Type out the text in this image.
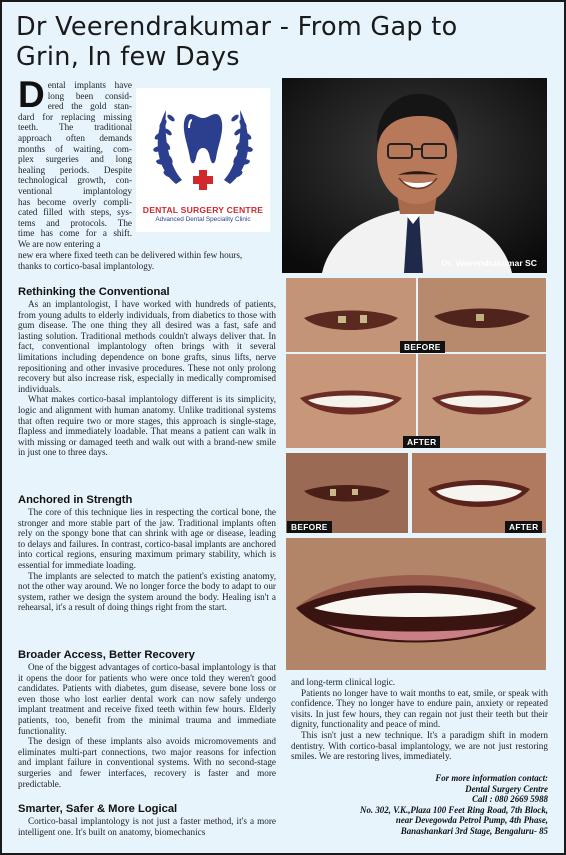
Dr Veerendrakumar - From Gap to
Grin, In few Days
D ental implants have
long been consid-
ered the gold stan-
dard for replacing missing
teeth. The traditional
approach often demands
months of waiting, com-
plex surgeries and long
healing periods. Despite
technological growth, con-
ventional implantology
has become overly compli-
cated filled with steps, sys-
tems and protocols. The
time has come for a shift.
We are now entering a
DENTAL SURGERY CENTRE
Advanced Dental Speciality Clinic
new era where fixed teeth can be delivered within few hours,
thanks to cortico-basal implantology.	Dr. Veerendrakumar SC
BEFORE
AFTER
BEFORE	AFTER
Rethinking the Conventional

As an implantologist, I have worked with hundreds of patients, from young adults to elderly individuals, from diabetics to those with gum disease. The one thing they all desired was a fast, safe and lasting solution. Traditional methods couldn't always deliver that. In fact, conventional implantology often brings with it several limitations including dependence on bone grafts, sinus lifts, nerve repositioning and other invasive procedures. These not only prolong recovery but also increase risk, especially in medically compromised individuals.

What makes cortico-basal implantology different is its simplicity, logic and alignment with human anatomy. Unlike traditional systems that often require two or more stages, this approach is single-stage, flapless and immediately loadable. That means a patient can walk in with missing or damaged teeth and walk out with a brand-new smile in just one to three days.

Anchored in Strength

The core of this technique lies in respecting the cortical bone, the stronger and more stable part of the jaw. Traditional implants often rely on the spongy bone that can shrink with age or disease, leading to delays and failures. In contrast, cortico-basal implants are anchored into cortical regions, ensuring maximum primary stability, which is essential for immediate loading.

The implants are selected to match the patient's existing anatomy, not the other way around. We no longer force the body to adapt to our system, rather we design the system around the body. Healing isn't a rehearsal, it's a result of doing things right from the start.

Broader Access, Better Recovery

One of the biggest advantages of cortico-basal implantology is that it opens the door for patients who were once told they weren't good candidates. Patients with diabetes, gum disease, severe bone loss or even those who lost earlier dental work can now safely undergo implant treatment and receive fixed teeth within few hours. Elderly patients, too, benefit from the minimal trauma and immediate functionality.

The design of these implants also avoids micromovements and eliminates multi-part connections, two major reasons for infection and implant failure in conventional systems. With no second-stage surgeries and fewer interfaces, recovery is faster and more predictable.

Smarter, Safer & More Logical

Cortico-basal implantology is not just a faster method, it's a more intelligent one. It's built on anatomy, biomechanics

and long-term clinical logic.

Patients no longer have to wait months to eat, smile, or speak with confidence. They no longer have to endure pain, anxiety or repeated visits. In just few hours, they can regain not just their teeth but their dignity, functionality and peace of mind.

This isn't just a new technique. It's a paradigm shift in modern dentistry. With cortico-basal implantology, we are not just restoring smiles. We are restoring lives, immediately.

For more information contact:
Dental Surgery Centre
Call : 080 2669 5988
No. 302, V.K.,Plaza 100 Feet Ring Road, 7th Block,
near Devegowda Petrol Pump, 4th Phase,
Banashankari 3rd Stage, Bengaluru- 85
